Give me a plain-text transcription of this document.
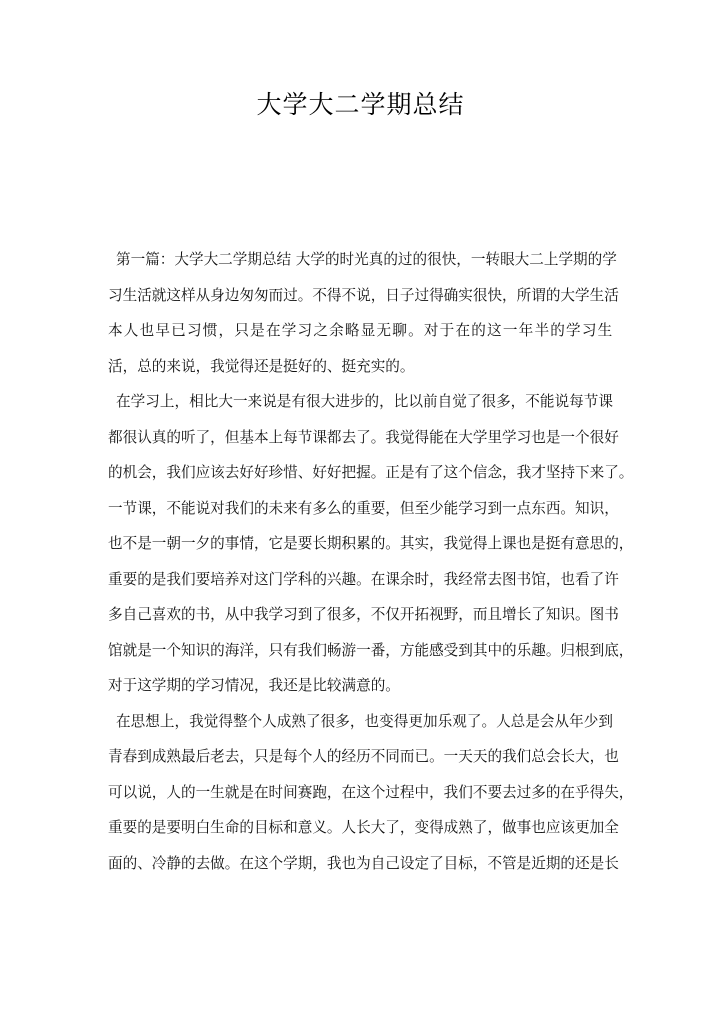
大学大二学期总结
第一篇：大学大二学期总结 大学的时光真的过的很快，一转眼大二上学期的学
习生活就这样从身边匆匆而过。不得不说，日子过得确实很快，所谓的大学生活
本人也早已习惯，只是在学习之余略显无聊。对于在 的这一年半的学习生
活，总的来说，我觉得还是挺好的、挺充实的。
在学习上，相比大一来说是有很大进步的，比以前自觉了很多，不能说每节课
都很认真的听了，但基本上每节课都去了。我觉得能在大学里学习也是一个很好
的机会，我们应该去好好珍惜、好好把握。正是有了这个信念，我才坚持下来了。
一节课，不能说对我们的未来有多么的重要，但至少能学习到一点东西。知识，
也不是一朝一夕的事情，它是要长期积累的。其实，我觉得上课也是挺有意思的，
重要的是我们要培养对这门学科的兴趣。在课余时，我经常去图书馆，也看了许
多自己喜欢的书，从中我学习到了很多，不仅开拓视野，而且增长了知识。图书
馆就是一个知识的海洋，只有我们畅游一番，方能感受到其中的乐趣。归根到底，
对于这学期的学习情况，我还是比较满意的。
在思想上，我觉得整个人成熟了很多，也变得更加乐观了。人总是会从年少到
青春到成熟最后老去，只是每个人的经历不同而已。一天天的我们总会长大，也
可以说，人的一生就是在时间赛跑，在这个过程中，我们不要去过多的在乎得失，
重要的是要明白生命的目标和意义。人长大了，变得成熟了，做事也应该更加全
面的、冷静的去做。在这个学期，我也为自己设定了目标，不管是近期的还是长
